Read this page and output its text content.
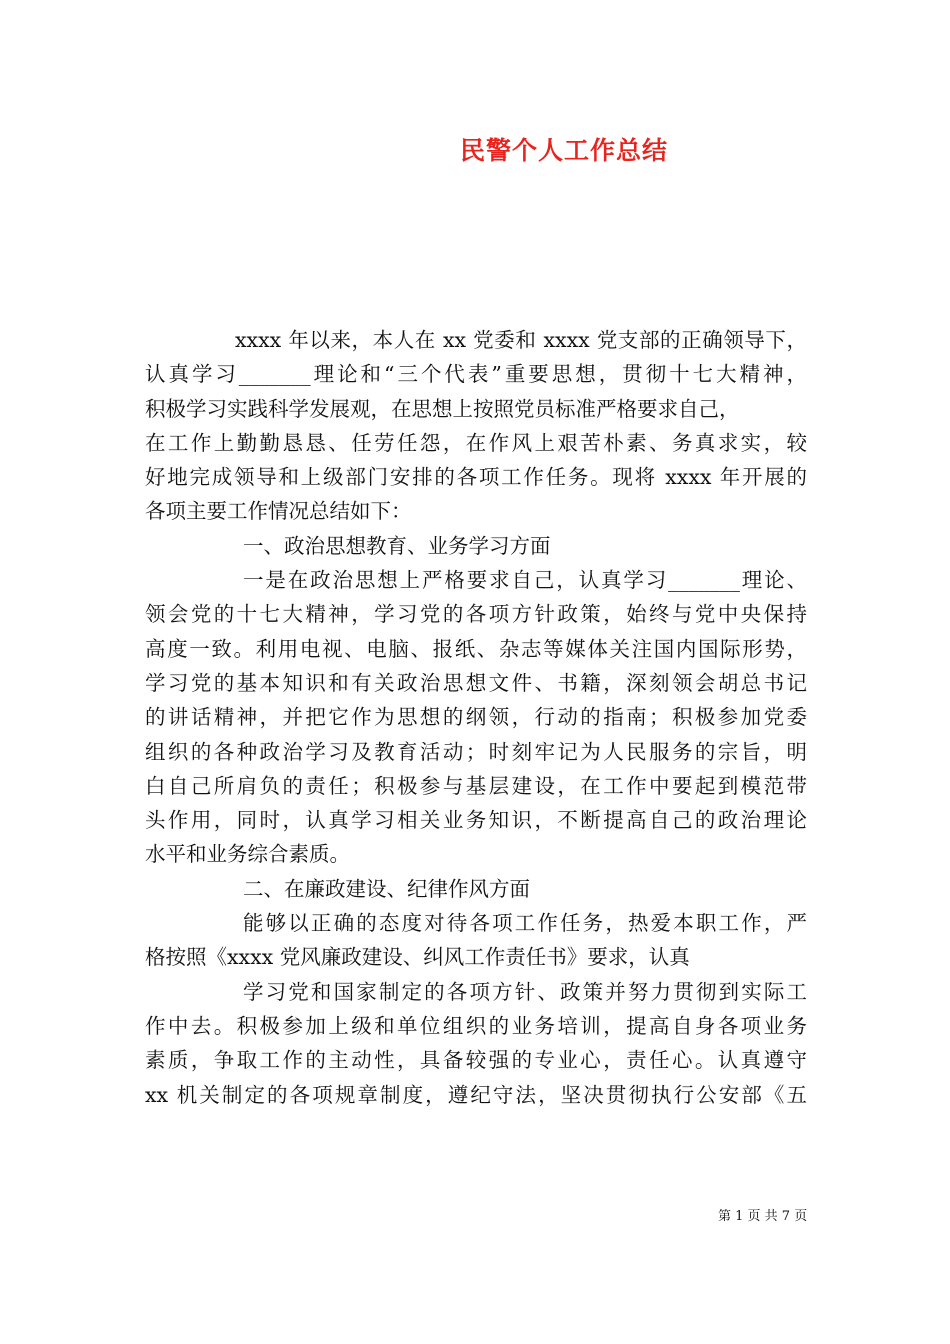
民警个人工作总结
xxxx 年以来，本人在 xx 党委和 xxxx 党支部的正确领导下，
认真学习_______理论和“三个代表”重要思想，贯彻十七大精神，
积极学习实践科学发展观，在思想上按照党员标准严格要求自己，
在工作上勤勤恳恳、任劳任怨，在作风上艰苦朴素、务真求实，较
好地完成领导和上级部门安排的各项工作任务。现将 xxxx 年开展的
各项主要工作情况总结如下：
一、政治思想教育、业务学习方面
一是在政治思想上严格要求自己，认真学习_______理论、
领会党的十七大精神，学习党的各项方针政策，始终与党中央保持
高度一致。利用电视、电脑、报纸、杂志等媒体关注国内国际形势，
学习党的基本知识和有关政治思想文件、书籍，深刻领会胡总书记
的讲话精神，并把它作为思想的纲领，行动的指南；积极参加党委
组织的各种政治学习及教育活动；时刻牢记为人民服务的宗旨，明
白自己所肩负的责任；积极参与基层建设，在工作中要起到模范带
头作用，同时，认真学习相关业务知识，不断提高自己的政治理论
水平和业务综合素质。
二、在廉政建设、纪律作风方面
能够以正确的态度对待各项工作任务，热爱本职工作，严
格按照《xxxx 党风廉政建设、纠风工作责任书》要求，认真
学习党和国家制定的各项方针、政策并努力贯彻到实际工
作中去。积极参加上级和单位组织的业务培训，提高自身各项业务
素质，争取工作的主动性，具备较强的专业心，责任心。认真遵守
xx 机关制定的各项规章制度，遵纪守法，坚决贯彻执行公安部《五
第 1 页 共 7 页
